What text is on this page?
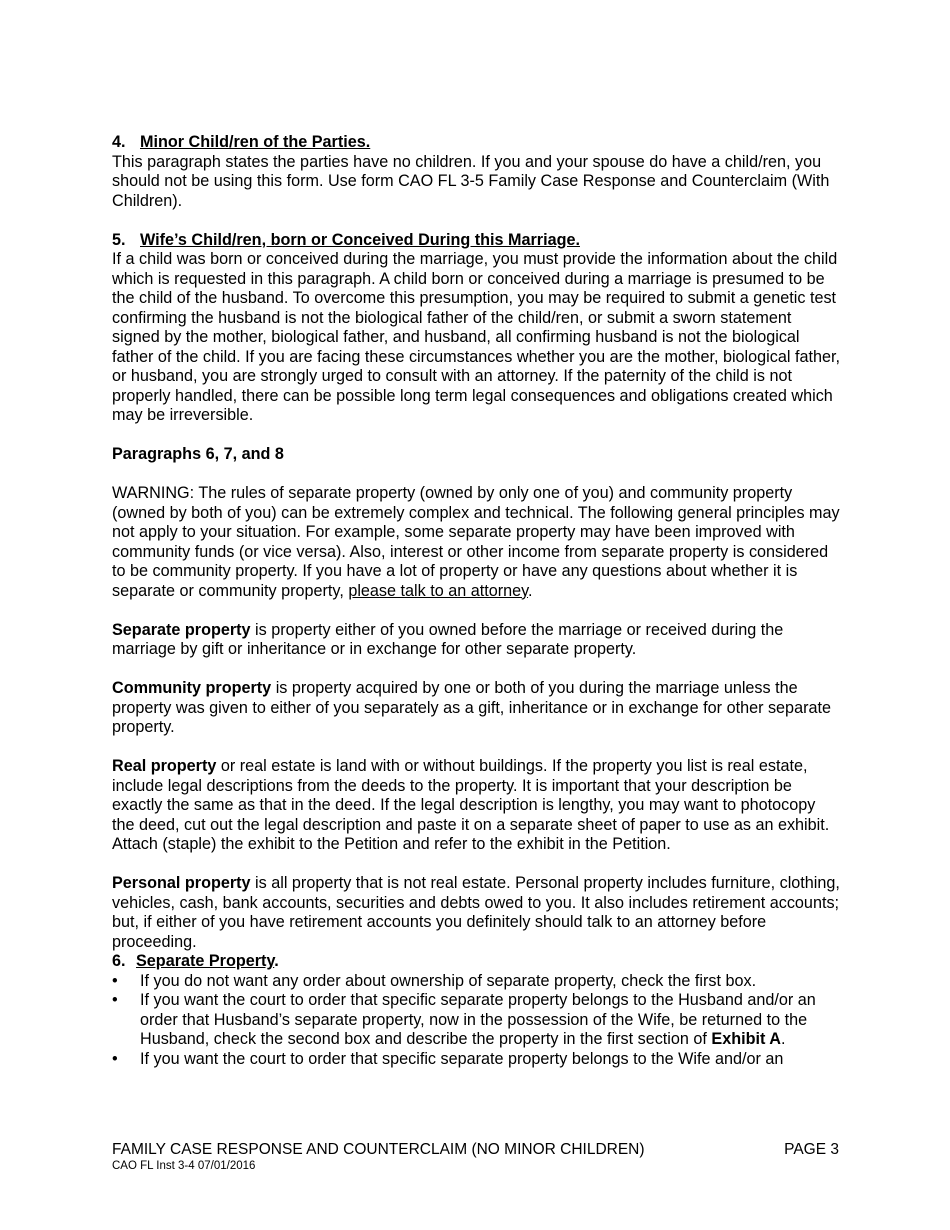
4. Minor Child/ren of the Parties.

This paragraph states the parties have no children. If you and your spouse do have a child/ren, you should not be using this form. Use form CAO FL 3-5 Family Case Response and Counterclaim (With Children).

5. Wife’s Child/ren, born or Conceived During this Marriage.

If a child was born or conceived during the marriage, you must provide the information about the child which is requested in this paragraph. A child born or conceived during a marriage is presumed to be the child of the husband. To overcome this presumption, you may be required to submit a genetic test confirming the husband is not the biological father of the child/ren, or submit a sworn statement signed by the mother, biological father, and husband, all confirming husband is not the biological father of the child. If you are facing these circumstances whether you are the mother, biological father, or husband, you are strongly urged to consult with an attorney. If the paternity of the child is not properly handled, there can be possible long term legal consequences and obligations created which may be irreversible.

Paragraphs 6, 7, and 8

WARNING: The rules of separate property (owned by only one of you) and community property (owned by both of you) can be extremely complex and technical. The following general principles may not apply to your situation. For example, some separate property may have been improved with community funds (or vice versa). Also, interest or other income from separate property is considered to be community property. If you have a lot of property or have any questions about whether it is separate or community property, please talk to an attorney.

Separate property is property either of you owned before the marriage or received during the marriage by gift or inheritance or in exchange for other separate property.

Community property is property acquired by one or both of you during the marriage unless the property was given to either of you separately as a gift, inheritance or in exchange for other separate property.

Real property or real estate is land with or without buildings. If the property you list is real estate, include legal descriptions from the deeds to the property. It is important that your description be exactly the same as that in the deed. If the legal description is lengthy, you may want to photocopy the deed, cut out the legal description and paste it on a separate sheet of paper to use as an exhibit. Attach (staple) the exhibit to the Petition and refer to the exhibit in the Petition.

Personal property is all property that is not real estate. Personal property includes furniture, clothing, vehicles, cash, bank accounts, securities and debts owed to you. It also includes retirement accounts; but, if either of you have retirement accounts you definitely should talk to an attorney before proceeding.

6. Separate Property.

• If you do not want any order about ownership of separate property, check the first box.
• If you want the court to order that specific separate property belongs to the Husband and/or an order that Husband’s separate property, now in the possession of the Wife, be returned to the Husband, check the second box and describe the property in the first section of Exhibit A.
• If you want the court to order that specific separate property belongs to the Wife and/or an
FAMILY CASE RESPONSE AND COUNTERCLAIM (NO MINOR CHILDREN)	PAGE 3
CAO FL Inst 3-4 07/01/2016
